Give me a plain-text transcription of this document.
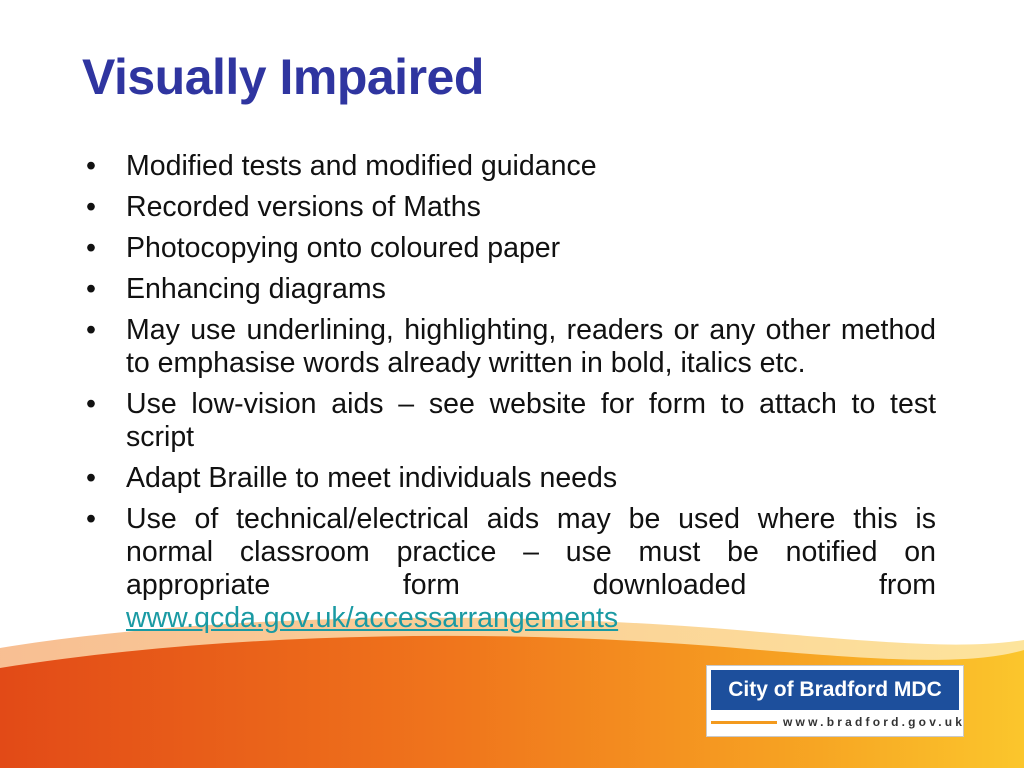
Visually Impaired
• Modified tests and modified guidance
• Recorded versions of Maths
• Photocopying onto coloured paper
• Enhancing diagrams
• May use underlining, highlighting, readers or any other method to emphasise words already written in bold, italics etc.
• Use low-vision aids – see website for form to attach to test script
• Adapt Braille to meet individuals needs
• Use of technical/electrical aids may be used where this is normal classroom practice – use must be notified on appropriate form downloaded from www.qcda.gov.uk/accessarrangements
City of Bradford MDC
www.bradford.gov.uk
